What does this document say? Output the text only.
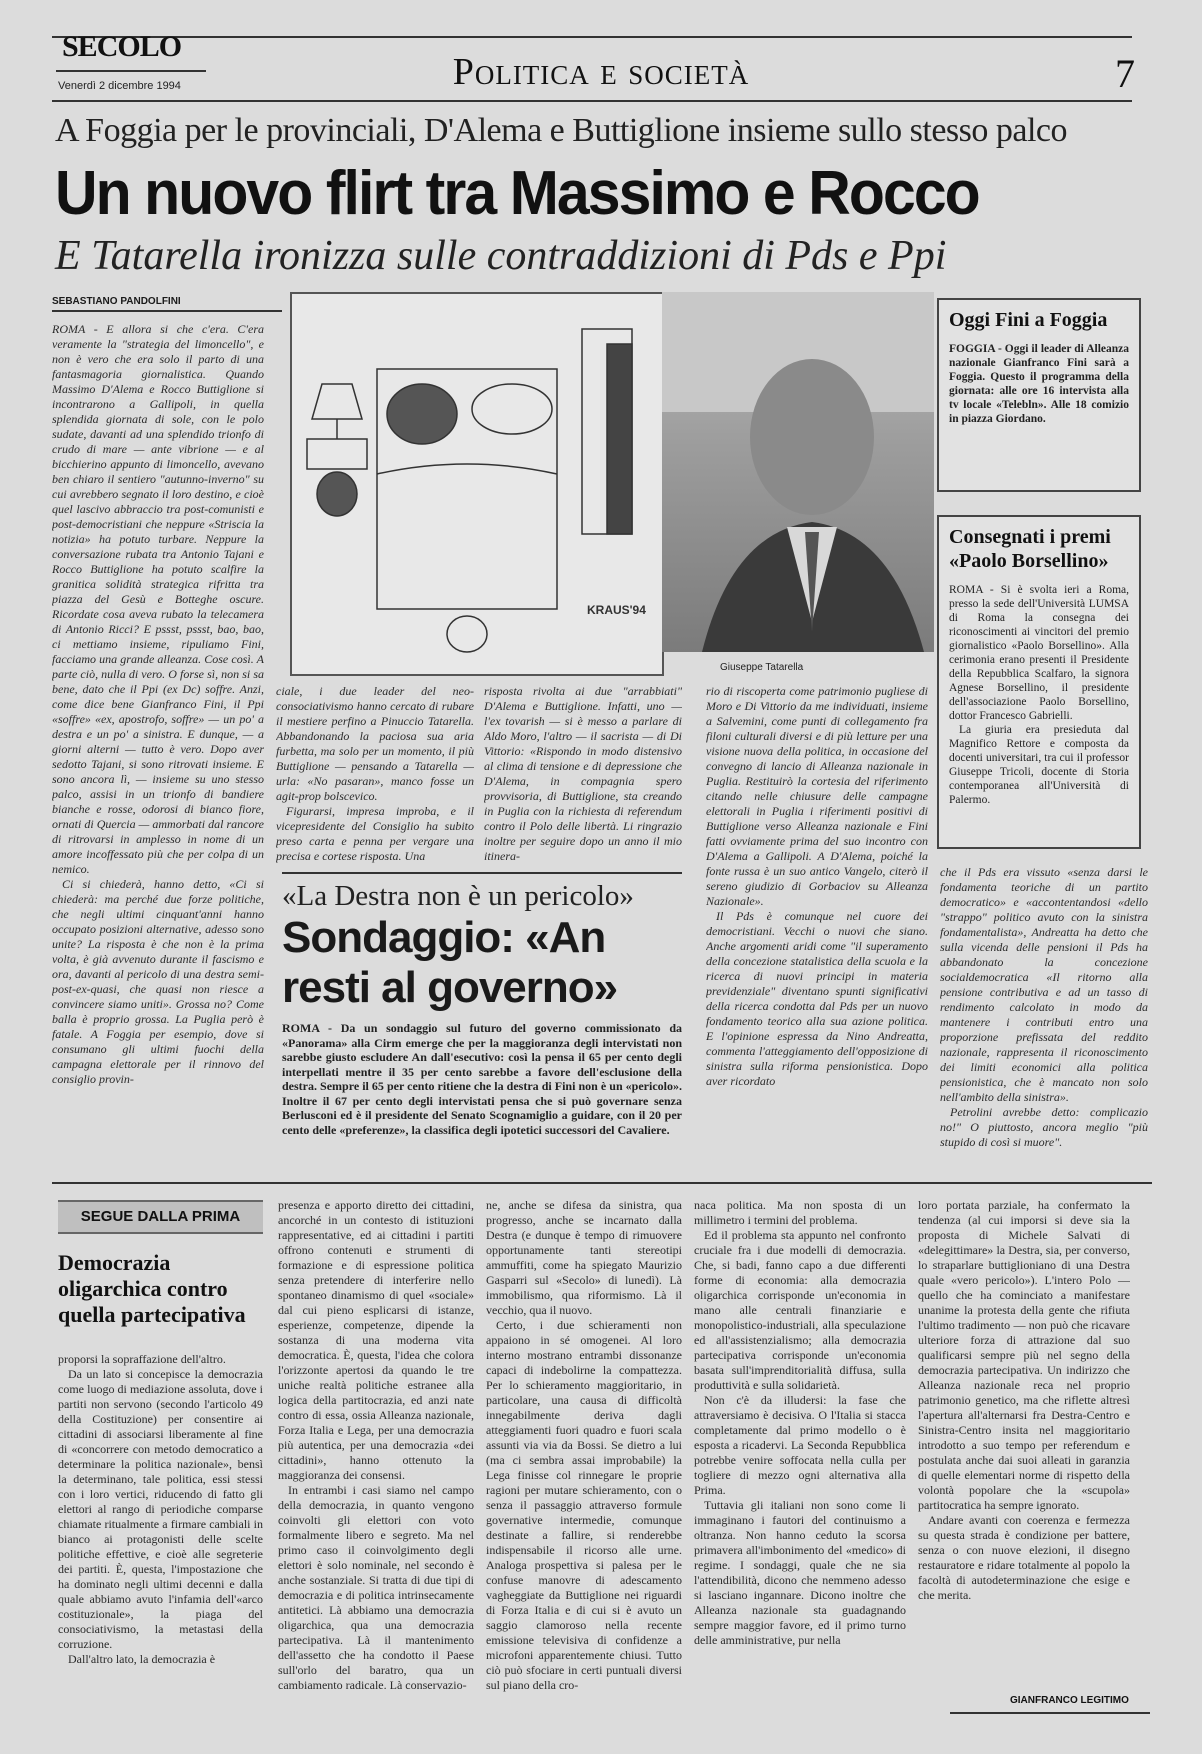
SECOLO
Venerdì 2 dicembre 1994	Politica e società	7
A Foggia per le provinciali, D'Alema e Buttiglione insieme sullo stesso palco
Un nuovo flirt tra Massimo e Rocco
E Tatarella ironizza sulle contraddizioni di Pds e Ppi
SEBASTIANO PANDOLFINI

ROMA - E allora si che c'era. C'era veramente la "strategia del limoncello", e non è vero che era solo il parto di una fantasmagoria giornalistica. Quando Massimo D'Alema e Rocco Buttiglione si incontrarono a Gallipoli, in quella splendida giornata di sole, con le polo sudate, davanti ad una splendido trionfo di crudo di mare — ante vibrione — e al bicchierino appunto di limoncello, avevano ben chiaro il sentiero "autunno-inverno" su cui avrebbero segnato il loro destino, e cioè quel lascivo abbraccio tra post-comunisti e post-democristiani che neppure «Striscia la notizia» ha potuto turbare. Neppure la conversazione rubata tra Antonio Tajani e Rocco Buttiglione ha potuto scalfire la granitica solidità strategica rifritta tra piazza del Gesù e Botteghe oscure. Ricordate cosa aveva rubato la telecamera di Antonio Ricci? E pssst, pssst, bao, bao, ci mettiamo insieme, ripuliamo Fini, facciamo una grande alleanza. Cose così. A parte ciò, nulla di vero. O forse sì, non si sa bene, dato che il Ppi (ex Dc) soffre. Anzi, come dice bene Gianfranco Fini, il Ppi «soffre» «ex, apostrofo, soffre» — un po' a destra e un po' a sinistra. E dunque, — a giorni alterni — tutto è vero. Dopo aver sedotto Tajani, si sono ritrovati insieme. E sono ancora lì, — insieme su uno stesso palco, assisi in un trionfo di bandiere bianche e rosse, odorosi di bianco fiore, ornati di Quercia — ammorbati dal rancore di ritrovarsi in amplesso in nome di un amore incoffessato più che per colpa di un nemico.

Ci si chiederà, hanno detto, «Ci si chiederà: ma perché due forze politiche, che negli ultimi cinquant'anni hanno occupato posizioni alternative, adesso sono unite? La risposta è che non è la prima volta, è già avvenuto durante il fascismo e ora, davanti al pericolo di una destra semi-post-ex-quasi, che quasi non riesce a convincere siamo uniti». Grossa no? Come balla è proprio grossa. La Puglia però è fatale. A Foggia per esempio, dove si consumano gli ultimi fuochi della campagna elettorale per il rinnovo del consiglio provin-

KRAUS'94
Giuseppe Tatarella
Oggi Fini a Foggia
FOGGIA - Oggi il leader di Alleanza nazionale Gianfranco Fini sarà a Foggia. Questo il programma della giornata: alle ore 16 intervista alla tv locale «Telebln». Alle 18 comizio in piazza Giordano.
Consegnati i premi «Paolo Borsellino»

ROMA - Si è svolta ieri a Roma, presso la sede dell'Università LUMSA di Roma la consegna dei riconoscimenti ai vincitori del premio giornalistico «Paolo Borsellino». Alla cerimonia erano presenti il Presidente della Repubblica Scalfaro, la signora Agnese Borsellino, il presidente dell'associazione Paolo Borsellino, dottor Francesco Gabrielli.

La giuria era presieduta dal Magnifico Rettore e composta da docenti universitari, tra cui il professor Giuseppe Tricoli, docente di Storia contemporanea all'Università di Palermo.

ciale, i due leader del neo-consociativismo hanno cercato di rubare il mestiere perfino a Pinuccio Tatarella. Abbandonando la paciosa sua aria furbetta, ma solo per un momento, il più Buttiglione — pensando a Tatarella — urla: «No pasaran», manco fosse un agit-prop bolscevico.

Figurarsi, impresa improba, e il vicepresidente del Consiglio ha subito preso carta e penna per vergare una precisa e cortese risposta. Una

risposta rivolta ai due "arrabbiati" D'Alema e Buttiglione. Infatti, uno — l'ex tovarish — si è messo a parlare di Aldo Moro, l'altro — il sacrista — di Di Vittorio: «Rispondo in modo distensivo al clima di tensione e di depressione che D'Alema, in compagnia spero provvisoria, di Buttiglione, sta creando in Puglia con la richiesta di referendum contro il Polo delle libertà. Li ringrazio inoltre per seguire dopo un anno il mio itinera-

rio di riscoperta come patrimonio pugliese di Moro e Di Vittorio da me individuati, insieme a Salvemini, come punti di collegamento fra filoni culturali diversi e di più letture per una visione nuova della politica, in occasione del convegno di lancio di Alleanza nazionale in Puglia. Restituirò la cortesia del riferimento citando nelle chiusure delle campagne elettorali in Puglia i riferimenti positivi di Buttiglione verso Alleanza nazionale e Fini fatti ovviamente prima del suo incontro con D'Alema a Gallipoli. A D'Alema, poiché la fonte russa è un suo antico Vangelo, citerò il sereno giudizio di Gorbaciov su Alleanza Nazionale».

Il Pds è comunque nel cuore dei democristiani. Vecchi o nuovi che siano. Anche argomenti aridi come "il superamento della concezione statalistica della scuola e la ricerca di nuovi principi in materia previdenziale" diventano spunti significativi della ricerca condotta dal Pds per un nuovo fondamento teorico alla sua azione politica. E l'opinione espressa da Nino Andreatta, commenta l'atteggiamento dell'opposizione di sinistra sulla riforma pensionistica. Dopo aver ricordato

che il Pds era vissuto «senza darsi le fondamenta teoriche di un partito democratico» e «accontentandosi «dello "strappo" politico avuto con la sinistra fondamentalista», Andreatta ha detto che sulla vicenda delle pensioni il Pds ha abbandonato la concezione socialdemocratica «Il ritorno alla pensione contributiva e ad un tasso di rendimento calcolato in modo da mantenere i contributi entro una proporzione prefissata del reddito nazionale, rappresenta il riconoscimento dei limiti economici alla politica pensionistica, che è mancato non solo nell'ambito della sinistra».

Petrolini avrebbe detto: complicazio no!" O piuttosto, ancora meglio "più stupido di così si muore".

«La Destra non è un pericolo»
Sondaggio: «An resti al governo»
ROMA - Da un sondaggio sul futuro del governo commissionato da «Panorama» alla Cirm emerge che per la maggioranza degli intervistati non sarebbe giusto escludere An dall'esecutivo: così la pensa il 65 per cento degli interpellati mentre il 35 per cento sarebbe a favore dell'esclusione della destra. Sempre il 65 per cento ritiene che la destra di Fini non è un «pericolo». Inoltre il 67 per cento degli intervistati pensa che si può governare senza Berlusconi ed è il presidente del Senato Scognamiglio a guidare, con il 20 per cento delle «preferenze», la classifica degli ipotetici successori del Cavaliere.
SEGUE DALLA PRIMA
Democrazia oligarchica contro quella partecipativa

proporsi la sopraffazione dell'altro.

Da un lato si concepisce la democrazia come luogo di mediazione assoluta, dove i partiti non servono (secondo l'articolo 49 della Costituzione) per consentire ai cittadini di associarsi liberamente al fine di «concorrere con metodo democratico a determinare la politica nazionale», bensì la determinano, tale politica, essi stessi con i loro vertici, riducendo di fatto gli elettori al rango di periodiche comparse chiamate ritualmente a firmare cambiali in bianco ai protagonisti delle scelte politiche effettive, e cioè alle segreterie dei partiti. È, questa, l'impostazione che ha dominato negli ultimi decenni e dalla quale abbiamo avuto l'infamia dell'«arco costituzionale», la piaga del consociativismo, la metastasi della corruzione.

Dall'altro lato, la democrazia è

presenza e apporto diretto dei cittadini, ancorché in un contesto di istituzioni rappresentative, ed ai cittadini i partiti offrono contenuti e strumenti di formazione e di espressione politica senza pretendere di interferire nello spontaneo dinamismo di quel «sociale» dal cui pieno esplicarsi di istanze, esperienze, competenze, dipende la sostanza di una moderna vita democratica. È, questa, l'idea che colora l'orizzonte apertosi da quando le tre uniche realtà politiche estranee alla logica della partitocrazia, ed anzi nate contro di essa, ossia Alleanza nazionale, Forza Italia e Lega, per una democrazia più autentica, per una democrazia «dei cittadini», hanno ottenuto la maggioranza dei consensi.

In entrambi i casi siamo nel campo della democrazia, in quanto vengono coinvolti gli elettori con voto formalmente libero e segreto. Ma nel primo caso il coinvolgimento degli elettori è solo nominale, nel secondo è anche sostanziale. Si tratta di due tipi di democrazia e di politica intrinsecamente antitetici. Là abbiamo una democrazia oligarchica, qua una democrazia partecipativa. Là il mantenimento dell'assetto che ha condotto il Paese sull'orlo del baratro, qua un cambiamento radicale. Là conservazio-

ne, anche se difesa da sinistra, qua progresso, anche se incarnato dalla Destra (e dunque è tempo di rimuovere opportunamente tanti stereotipi ammuffiti, come ha spiegato Maurizio Gasparri sul «Secolo» di lunedì). Là immobilismo, qua riformismo. Là il vecchio, qua il nuovo.

Certo, i due schieramenti non appaiono in sé omogenei. Al loro interno mostrano entrambi dissonanze capaci di indebolirne la compattezza. Per lo schieramento maggioritario, in particolare, una causa di difficoltà innegabilmente deriva dagli atteggiamenti fuori quadro e fuori scala assunti via via da Bossi. Se dietro a lui (ma ci sembra assai improbabile) la Lega finisse col rinnegare le proprie ragioni per mutare schieramento, con o senza il passaggio attraverso formule governative intermedie, comunque destinate a fallire, si renderebbe indispensabile il ricorso alle urne. Analoga prospettiva si palesa per le confuse manovre di adescamento vagheggiate da Buttiglione nei riguardi di Forza Italia e di cui si è avuto un saggio clamoroso nella recente emissione televisiva di confidenze a microfoni apparentemente chiusi. Tutto ciò può sfociare in certi puntuali diversi sul piano della cro-

naca politica. Ma non sposta di un millimetro i termini del problema.

Ed il problema sta appunto nel confronto cruciale fra i due modelli di democrazia. Che, si badi, fanno capo a due differenti forme di economia: alla democrazia oligarchica corrisponde un'economia in mano alle centrali finanziarie e monopolistico-industriali, alla speculazione ed all'assistenzialismo; alla democrazia partecipativa corrisponde un'economia basata sull'imprenditorialità diffusa, sulla produttività e sulla solidarietà.

Non c'è da illudersi: la fase che attraversiamo è decisiva. O l'Italia si stacca completamente dal primo modello o è esposta a ricadervi. La Seconda Repubblica potrebbe venire soffocata nella culla per togliere di mezzo ogni alternativa alla Prima.

Tuttavia gli italiani non sono come li immaginano i fautori del continuismo a oltranza. Non hanno ceduto la scorsa primavera all'imbonimento del «medico» di regime. I sondaggi, quale che ne sia l'attendibilità, dicono che nemmeno adesso si lasciano ingannare. Dicono inoltre che Alleanza nazionale sta guadagnando sempre maggior favore, ed il primo turno delle amministrative, pur nella

loro portata parziale, ha confermato la tendenza (al cui imporsi si deve sia la proposta di Michele Salvati di «delegittimare» la Destra, sia, per converso, lo straparlare buttiglioniano di una Destra quale «vero pericolo»). L'intero Polo — quello che ha cominciato a manifestare unanime la protesta della gente che rifiuta l'ultimo tradimento — non può che ricavare ulteriore forza di attrazione dal suo qualificarsi sempre più nel segno della democrazia partecipativa. Un indirizzo che Alleanza nazionale reca nel proprio patrimonio genetico, ma che riflette altresì l'apertura all'alternarsi fra Destra-Centro e Sinistra-Centro insita nel maggioritario introdotto a suo tempo per referendum e postulata anche dai suoi alleati in garanzia di quelle elementari norme di rispetto della volontà popolare che la «scupola» partitocratica ha sempre ignorato.

Andare avanti con coerenza e fermezza su questa strada è condizione per battere, senza o con nuove elezioni, il disegno restauratore e ridare totalmente al popolo la facoltà di autodeterminazione che esige e che merita.

GIANFRANCO LEGITIMO
